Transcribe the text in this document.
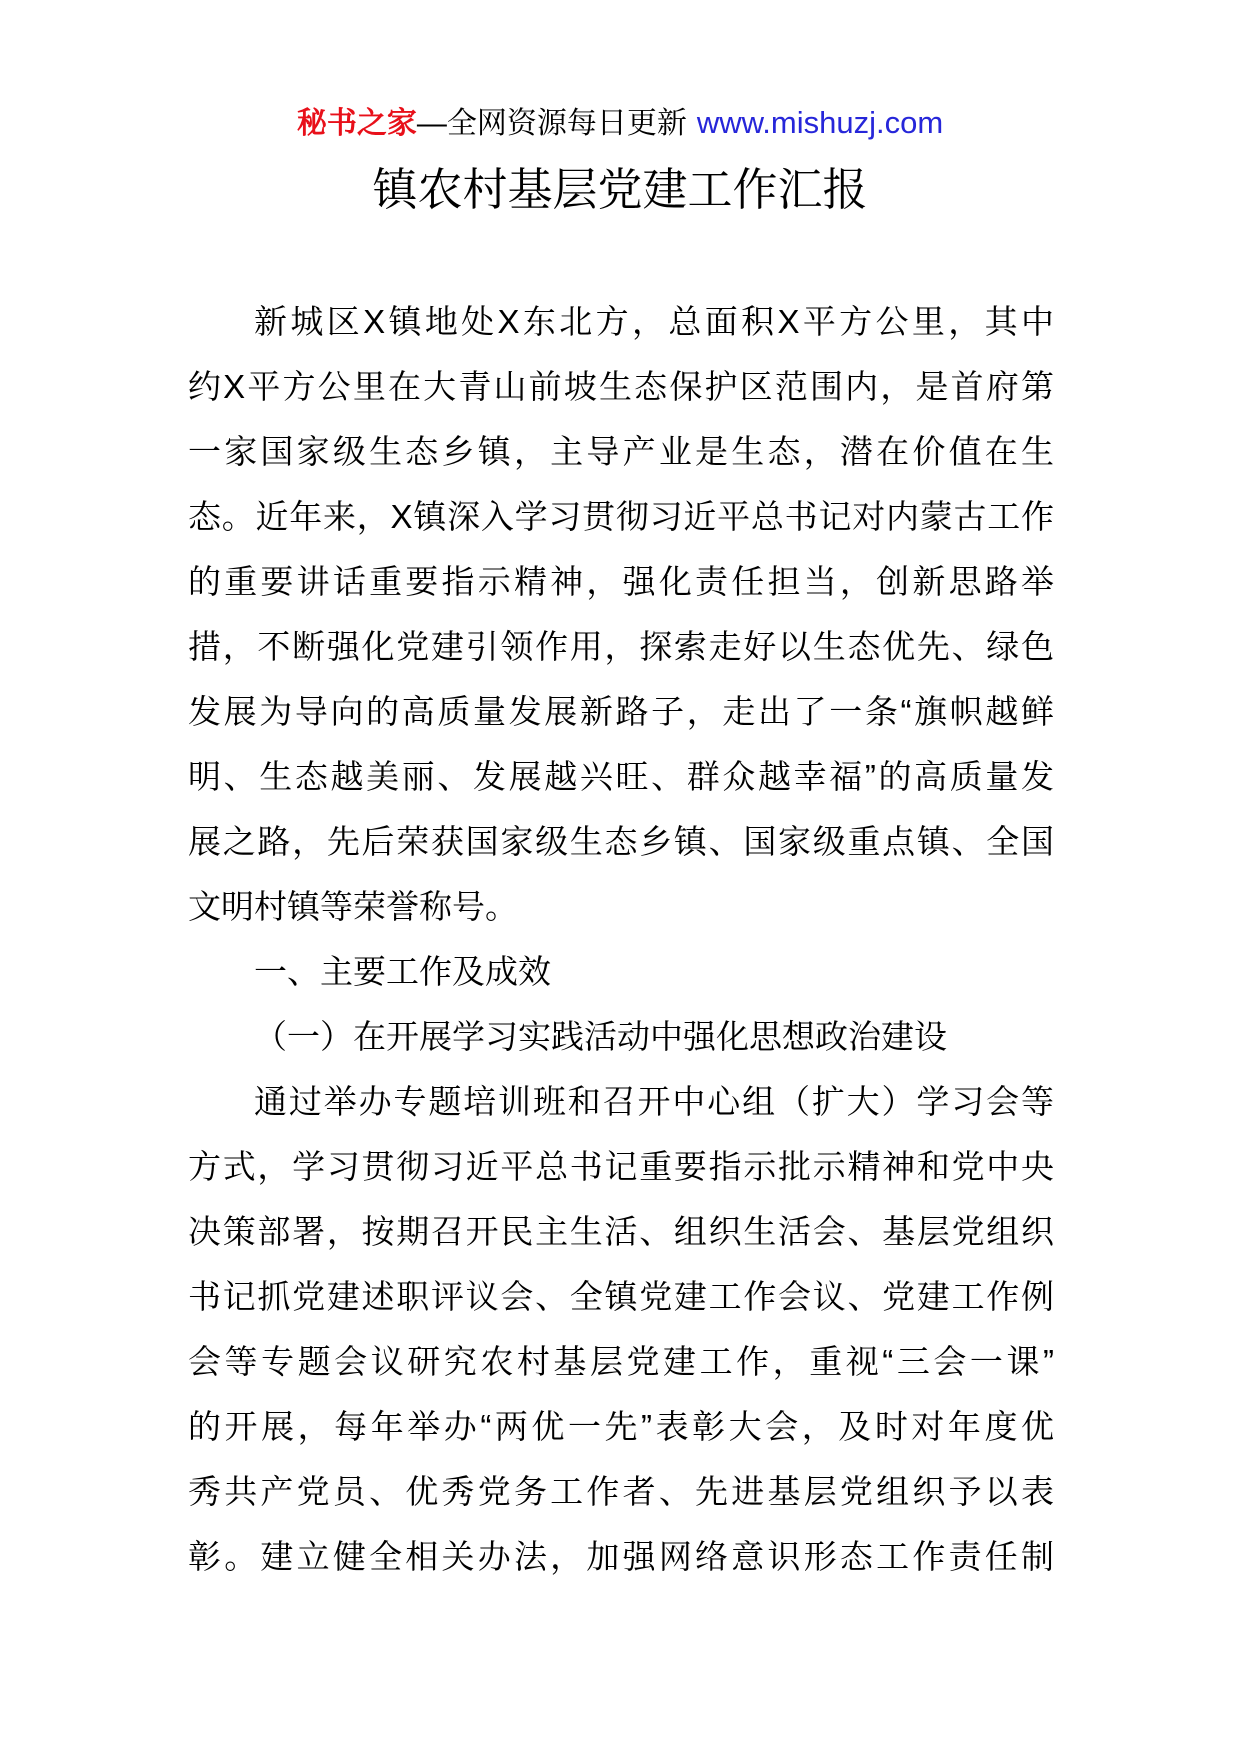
秘书之家—全网资源每日更新 www.mishuzj.com
镇农村基层党建工作汇报
新城区X镇地处X东北方，总面积X平方公里，其中
约X平方公里在大青山前坡生态保护区范围内，是首府第
一家国家级生态乡镇，主导产业是生态，潜在价值在生
态。近年来，X镇深入学习贯彻习近平总书记对内蒙古工作
的重要讲话重要指示精神，强化责任担当，创新思路举
措，不断强化党建引领作用，探索走好以生态优先、绿色
发展为导向的高质量发展新路子，走出了一条“旗帜越鲜
明、生态越美丽、发展越兴旺、群众越幸福”的高质量发
展之路，先后荣获国家级生态乡镇、国家级重点镇、全国
文明村镇等荣誉称号。
一、主要工作及成效
（一）在开展学习实践活动中强化思想政治建设
通过举办专题培训班和召开中心组（扩大）学习会等
方式，学习贯彻习近平总书记重要指示批示精神和党中央
决策部署，按期召开民主生活、组织生活会、基层党组织
书记抓党建述职评议会、全镇党建工作会议、党建工作例
会等专题会议研究农村基层党建工作，重视“三会一课”
的开展，每年举办“两优一先”表彰大会，及时对年度优
秀共产党员、优秀党务工作者、先进基层党组织予以表
彰。建立健全相关办法，加强网络意识形态工作责任制
